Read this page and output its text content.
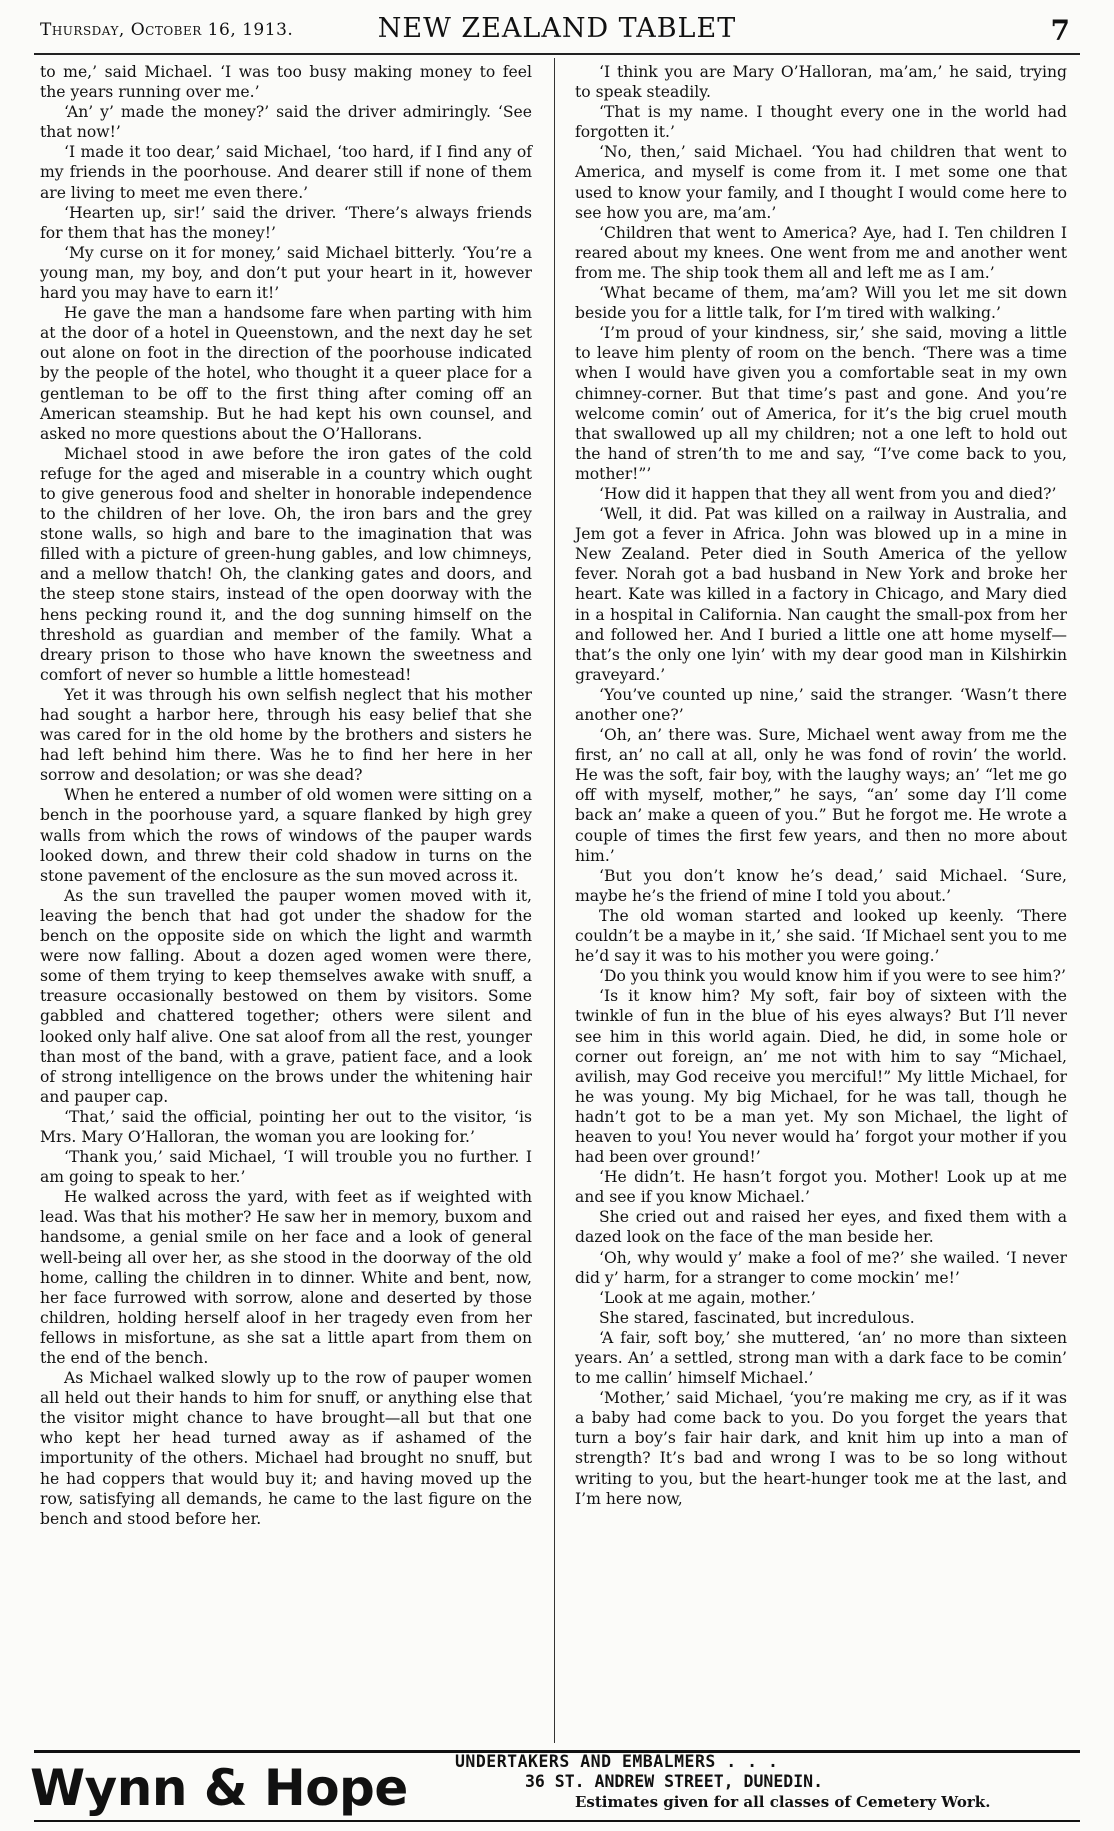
Thursday, October 16, 1913.	NEW ZEALAND TABLET	7

to me,’ said Michael. ‘I was too busy making money to feel the years running over me.’

‘An’ y’ made the money?’ said the driver admiringly. ‘See that now!’

‘I made it too dear,’ said Michael, ‘too hard, if I find any of my friends in the poorhouse. And dearer still if none of them are living to meet me even there.’

‘Hearten up, sir!’ said the driver. ‘There’s always friends for them that has the money!’

‘My curse on it for money,’ said Michael bitterly. ‘You’re a young man, my boy, and don’t put your heart in it, however hard you may have to earn it!’

He gave the man a handsome fare when parting with him at the door of a hotel in Queenstown, and the next day he set out alone on foot in the direction of the poorhouse indicated by the people of the hotel, who thought it a queer place for a gentleman to be off to the first thing after coming off an American steamship. But he had kept his own counsel, and asked no more questions about the O’Hallorans.

Michael stood in awe before the iron gates of the cold refuge for the aged and miserable in a country which ought to give generous food and shelter in honorable independence to the children of her love. Oh, the iron bars and the grey stone walls, so high and bare to the imagination that was filled with a picture of green-hung gables, and low chimneys, and a mellow thatch! Oh, the clanking gates and doors, and the steep stone stairs, instead of the open doorway with the hens pecking round it, and the dog sunning himself on the threshold as guardian and member of the family. What a dreary prison to those who have known the sweetness and comfort of never so humble a little homestead!

Yet it was through his own selfish neglect that his mother had sought a harbor here, through his easy belief that she was cared for in the old home by the brothers and sisters he had left behind him there. Was he to find her here in her sorrow and desolation; or was she dead?

When he entered a number of old women were sitting on a bench in the poorhouse yard, a square flanked by high grey walls from which the rows of windows of the pauper wards looked down, and threw their cold shadow in turns on the stone pavement of the enclosure as the sun moved across it.

As the sun travelled the pauper women moved with it, leaving the bench that had got under the shadow for the bench on the opposite side on which the light and warmth were now falling. About a dozen aged women were there, some of them trying to keep themselves awake with snuff, a treasure occasionally bestowed on them by visitors. Some gabbled and chattered together; others were silent and looked only half alive. One sat aloof from all the rest, younger than most of the band, with a grave, patient face, and a look of strong intelligence on the brows under the whitening hair and pauper cap.

‘That,’ said the official, pointing her out to the visitor, ‘is Mrs. Mary O’Halloran, the woman you are looking for.’

‘Thank you,’ said Michael, ‘I will trouble you no further. I am going to speak to her.’

He walked across the yard, with feet as if weighted with lead. Was that his mother? He saw her in memory, buxom and handsome, a genial smile on her face and a look of general well-being all over her, as she stood in the doorway of the old home, calling the children in to dinner. White and bent, now, her face furrowed with sorrow, alone and deserted by those children, holding herself aloof in her tragedy even from her fellows in misfortune, as she sat a little apart from them on the end of the bench.

As Michael walked slowly up to the row of pauper women all held out their hands to him for snuff, or anything else that the visitor might chance to have brought—all but that one who kept her head turned away as if ashamed of the importunity of the others. Michael had brought no snuff, but he had coppers that would buy it; and having moved up the row, satisfying all demands, he came to the last figure on the bench and stood before her.

‘I think you are Mary O’Halloran, ma’am,’ he said, trying to speak steadily.

‘That is my name. I thought every one in the world had forgotten it.’

‘No, then,’ said Michael. ‘You had children that went to America, and myself is come from it. I met some one that used to know your family, and I thought I would come here to see how you are, ma’am.’

‘Children that went to America? Aye, had I. Ten children I reared about my knees. One went from me and another went from me. The ship took them all and left me as I am.’

‘What became of them, ma’am? Will you let me sit down beside you for a little talk, for I’m tired with walking.’

‘I’m proud of your kindness, sir,’ she said, moving a little to leave him plenty of room on the bench. ‘There was a time when I would have given you a comfortable seat in my own chimney-corner. But that time’s past and gone. And you’re welcome comin’ out of America, for it’s the big cruel mouth that swallowed up all my children; not a one left to hold out the hand of stren’th to me and say, “I’ve come back to you, mother!”’

‘How did it happen that they all went from you and died?’

‘Well, it did. Pat was killed on a railway in Australia, and Jem got a fever in Africa. John was blowed up in a mine in New Zealand. Peter died in South America of the yellow fever. Norah got a bad husband in New York and broke her heart. Kate was killed in a factory in Chicago, and Mary died in a hospital in California. Nan caught the small-pox from her and followed her. And I buried a little one att home myself—that’s the only one lyin’ with my dear good man in Kilshirkin graveyard.’

‘You’ve counted up nine,’ said the stranger. ‘Wasn’t there another one?’

‘Oh, an’ there was. Sure, Michael went away from me the first, an’ no call at all, only he was fond of rovin’ the world. He was the soft, fair boy, with the laughy ways; an’ “let me go off with myself, mother,” he says, “an’ some day I’ll come back an’ make a queen of you.” But he forgot me. He wrote a couple of times the first few years, and then no more about him.’

‘But you don’t know he’s dead,’ said Michael. ‘Sure, maybe he’s the friend of mine I told you about.’

The old woman started and looked up keenly. ‘There couldn’t be a maybe in it,’ she said. ‘If Michael sent you to me he’d say it was to his mother you were going.’

‘Do you think you would know him if you were to see him?’

‘Is it know him? My soft, fair boy of sixteen with the twinkle of fun in the blue of his eyes always? But I’ll never see him in this world again. Died, he did, in some hole or corner out foreign, an’ me not with him to say “Michael, avilish, may God receive you merciful!” My little Michael, for he was young. My big Michael, for he was tall, though he hadn’t got to be a man yet. My son Michael, the light of heaven to you! You never would ha’ forgot your mother if you had been over ground!’

‘He didn’t. He hasn’t forgot you. Mother! Look up at me and see if you know Michael.’

She cried out and raised her eyes, and fixed them with a dazed look on the face of the man beside her.

‘Oh, why would y’ make a fool of me?’ she wailed. ‘I never did y’ harm, for a stranger to come mockin’ me!’

‘Look at me again, mother.’

She stared, fascinated, but incredulous.

‘A fair, soft boy,’ she muttered, ‘an’ no more than sixteen years. An’ a settled, strong man with a dark face to be comin’ to me callin’ himself Michael.’

‘Mother,’ said Michael, ‘you’re making me cry, as if it was a baby had come back to you. Do you forget the years that turn a boy’s fair hair dark, and knit him up into a man of strength? It’s bad and wrong I was to be so long without writing to you, but the heart-hunger took me at the last, and I’m here now,

Wynn & Hope	UNDERTAKERS AND EMBALMERS . . .
36 ST. ANDREW STREET, DUNEDIN.
Estimates given for all classes of Cemetery Work.
